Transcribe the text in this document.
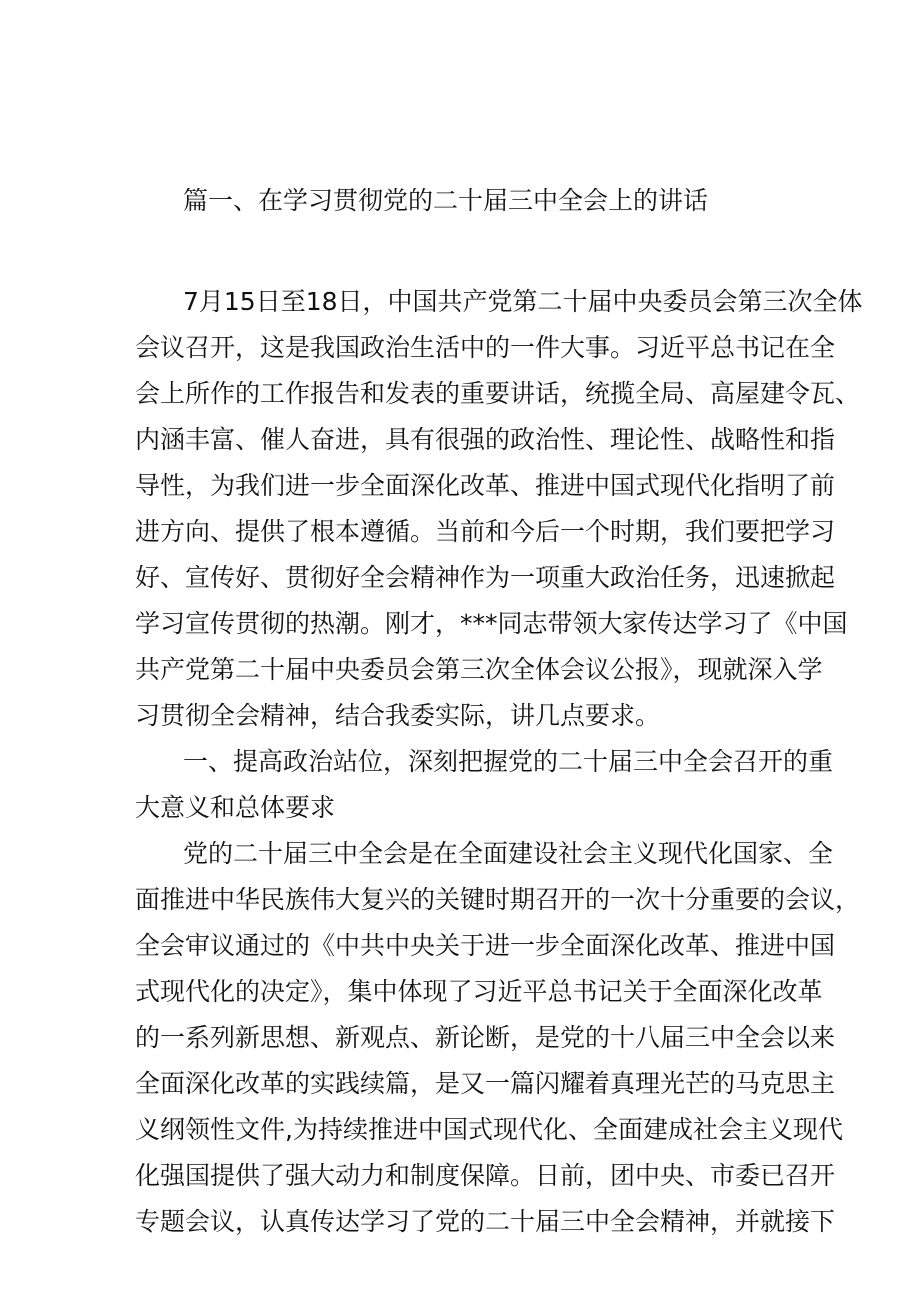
篇一、在学习贯彻党的二十届三中全会上的讲话
7月15日至18日，中国共产党第二十届中央委员会第三次全体
会议召开，这是我国政治生活中的一件大事。习近平总书记在全
会上所作的工作报告和发表的重要讲话，统揽全局、高屋建令瓦、
内涵丰富、催人奋进，具有很强的政治性、理论性、战略性和指
导性，为我们进一步全面深化改革、推进中国式现代化指明了前
进方向、提供了根本遵循。当前和今后一个时期，我们要把学习
好、宣传好、贯彻好全会精神作为一项重大政治任务，迅速掀起
学习宣传贯彻的热潮。刚才，***同志带领大家传达学习了《中国
共产党第二十届中央委员会第三次全体会议公报》，现就深入学
习贯彻全会精神，结合我委实际，讲几点要求。
一、提高政治站位，深刻把握党的二十届三中全会召开的重
大意义和总体要求
党的二十届三中全会是在全面建设社会主义现代化国家、全
面推进中华民族伟大复兴的关键时期召开的一次十分重要的会议，
全会审议通过的《中共中央关于进一步全面深化改革、推进中国
式现代化的决定》，集中体现了习近平总书记关于全面深化改革
的一系列新思想、新观点、新论断，是党的十八届三中全会以来
全面深化改革的实践续篇，是又一篇闪耀着真理光芒的马克思主
义纲领性文件,为持续推进中国式现代化、全面建成社会主义现代
化强国提供了强大动力和制度保障。日前，团中央、市委已召开
专题会议，认真传达学习了党的二十届三中全会精神，并就接下
